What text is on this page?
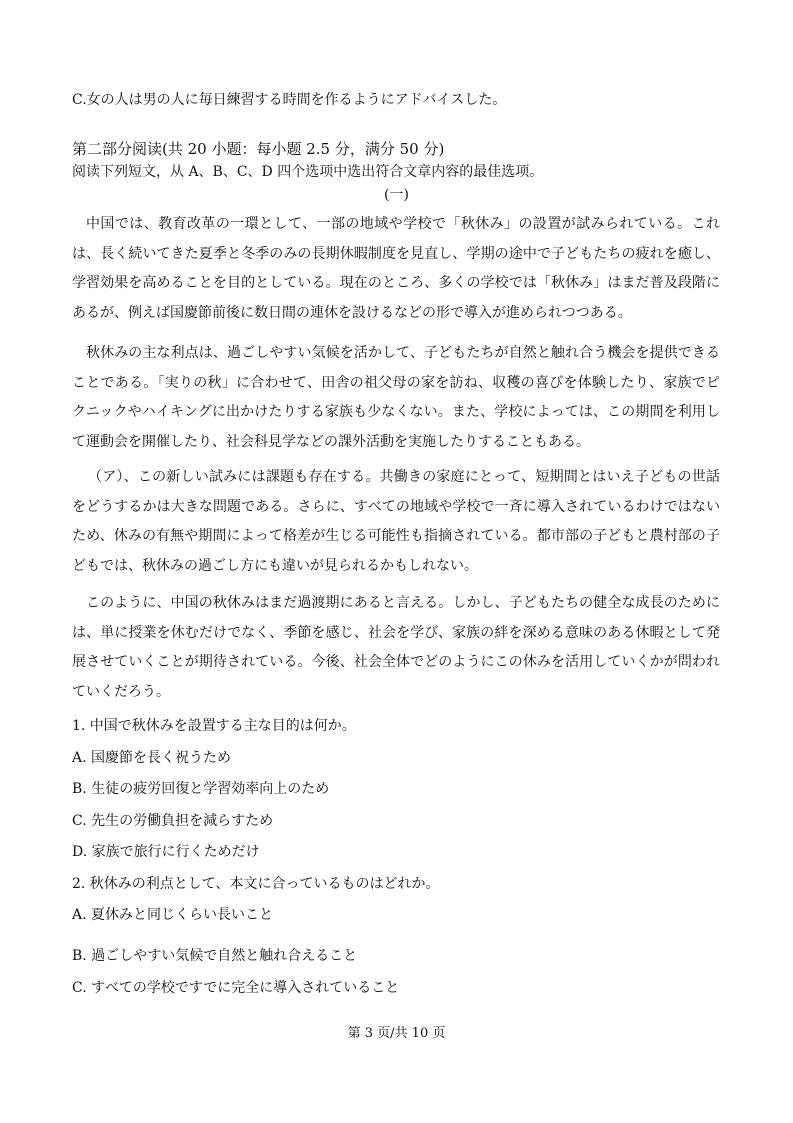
C.女の人は男の人に毎日練習する時間を作るようにアドバイスした。
第二部分阅读(共 20 小题：每小题 2.5 分，满分 50 分)
阅读下列短文，从 A、B、C、D 四个选项中选出符合文章内容的最佳选项。
(一)
中国では、教育改革の一環として、一部の地域や学校で「秋休み」の設置が試みられている。これは、長く続いてきた夏季と冬季のみの長期休暇制度を見直し、学期の途中で子どもたちの疲れを癒し、学習効果を高めることを目的としている。現在のところ、多くの学校では「秋休み」はまだ普及段階にあるが、例えば国慶節前後に数日間の連休を設けるなどの形で導入が進められつつある。
秋休みの主な利点は、過ごしやすい気候を活かして、子どもたちが自然と触れ合う機会を提供できることである。「実りの秋」に合わせて、田舎の祖父母の家を訪ね、収穫の喜びを体験したり、家族でピクニックやハイキングに出かけたりする家族も少なくない。また、学校によっては、この期間を利用して運動会を開催したり、社会科見学などの課外活動を実施したりすることもある。
（ア）、この新しい試みには課題も存在する。共働きの家庭にとって、短期間とはいえ子どもの世話をどうするかは大きな問題である。さらに、すべての地域や学校で一斉に導入されているわけではないため、休みの有無や期間によって格差が生じる可能性も指摘されている。都市部の子どもと農村部の子どもでは、秋休みの過ごし方にも違いが見られるかもしれない。
このように、中国の秋休みはまだ過渡期にあると言える。しかし、子どもたちの健全な成長のためには、単に授業を休むだけでなく、季節を感じ、社会を学び、家族の絆を深める意味のある休暇として発展させていくことが期待されている。今後、社会全体でどのようにこの休みを活用していくかが問われていくだろう。
1. 中国で秋休みを設置する主な目的は何か。
A. 国慶節を長く祝うため
B. 生徒の疲労回復と学習効率向上のため
C. 先生の労働負担を減らすため
D. 家族で旅行に行くためだけ
2. 秋休みの利点として、本文に合っているものはどれか。
A. 夏休みと同じくらい長いこと
B. 過ごしやすい気候で自然と触れ合えること
C. すべての学校ですでに完全に導入されていること
第 3 页/共 10 页
